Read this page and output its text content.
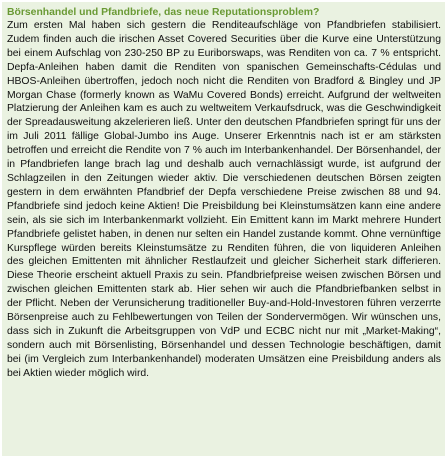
Börsenhandel und Pfandbriefe, das neue Reputationsproblem?

Zum ersten Mal haben sich gestern die Renditeaufschläge von Pfandbriefen stabilisiert. Zudem finden auch die irischen Asset Covered Securities über die Kurve eine Unterstützung bei einem Aufschlag von 230-250 BP zu Euriborswaps, was Renditen von ca. 7 % entspricht. Depfa-Anleihen haben damit die Renditen von spanischen Gemeinschafts-Cédulas und HBOS-Anleihen übertroffen, jedoch noch nicht die Renditen von Bradford & Bingley und JP Morgan Chase (formerly known as WaMu Covered Bonds) erreicht. Aufgrund der weltweiten Platzierung der Anleihen kam es auch zu weltweitem Verkaufsdruck, was die Geschwindigkeit der Spreadausweitung akzelerieren ließ. Unter den deutschen Pfandbriefen springt für uns der im Juli 2011 fällige Global-Jumbo ins Auge. Unserer Erkenntnis nach ist er am stärksten betroffen und erreicht die Rendite von 7 % auch im Interbankenhandel. Der Börsenhandel, der in Pfandbriefen lange brach lag und deshalb auch vernachlässigt wurde, ist aufgrund der Schlagzeilen in den Zeitungen wieder aktiv. Die verschiedenen deutschen Börsen zeigten gestern in dem erwähnten Pfandbrief der Depfa verschiedene Preise zwischen 88 und 94. Pfandbriefe sind jedoch keine Aktien! Die Preisbildung bei Kleinstumsätzen kann eine andere sein, als sie sich im Interbankenmarkt vollzieht. Ein Emittent kann im Markt mehrere Hundert Pfandbriefe gelistet haben, in denen nur selten ein Handel zustande kommt. Ohne vernünftige Kurspflege würden bereits Kleinstumsätze zu Renditen führen, die von liquideren Anleihen des gleichen Emittenten mit ähnlicher Restlaufzeit und gleicher Sicherheit stark differieren. Diese Theorie erscheint aktuell Praxis zu sein. Pfandbriefpreise weisen zwischen Börsen und zwischen gleichen Emittenten stark ab. Hier sehen wir auch die Pfandbriefbanken selbst in der Pflicht. Neben der Verunsicherung traditioneller Buy-and-Hold-Investoren führen verzerrte Börsenpreise auch zu Fehlbewertungen von Teilen der Sondervermögen. Wir wünschen uns, dass sich in Zukunft die Arbeitsgruppen von VdP und ECBC nicht nur mit „Market-Making“, sondern auch mit Börsenlisting, Börsenhandel und dessen Technologie beschäftigen, damit bei (im Vergleich zum Interbankenhandel) moderaten Umsätzen eine Preisbildung anders als bei Aktien wieder möglich wird.
